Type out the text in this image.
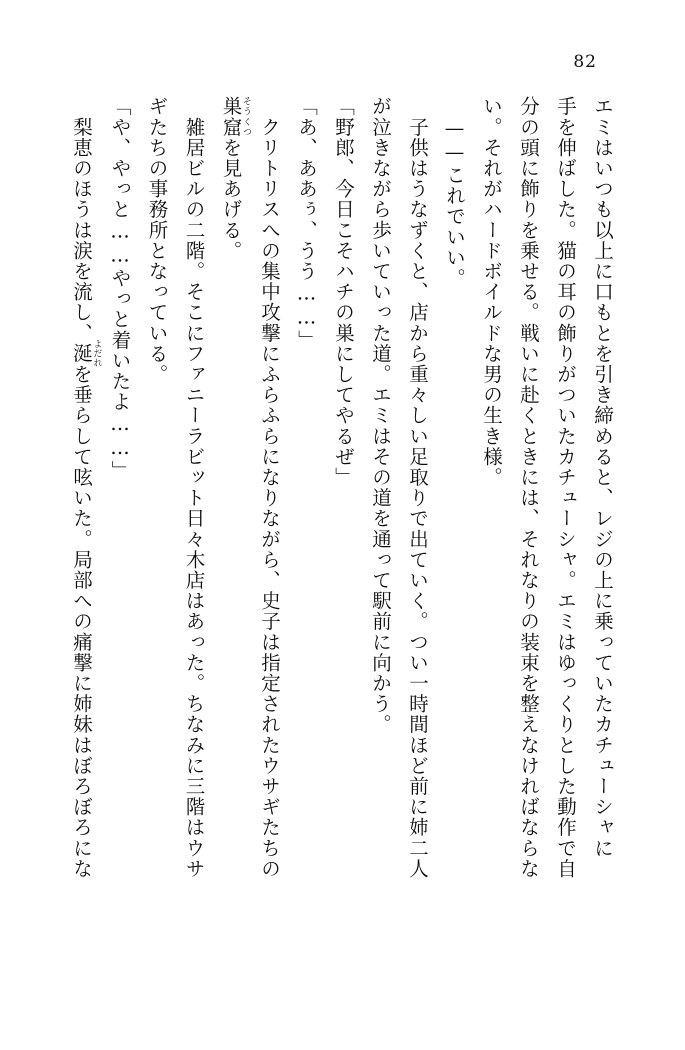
82

エミはいつも以上に口もとを引き締めると、レジの上に乗っていたカチューシャに

手を伸ばした。猫の耳の飾りがついたカチューシャ。エミはゆっくりとした動作で自

分の頭に飾りを乗せる。戦いに赴くときには、それなりの装束を整えなければならな

い。それがハードボイルドな男の生き様。

　——これでいい。

　子供はうなずくと、店から重々しい足取りで出ていく。つい一時間ほど前に姉二人

が泣きながら歩いていった道。エミはその道を通って駅前に向かう。

「野郎、今日こそハチの巣にしてやるぜ」

「あ、ああぅ、うう……」

　クリトリスへの集中攻撃にふらふらになりながら、史子は指定されたウサギたちの

巣窟そうくつを見あげる。

　雑居ビルの二階。そこにファニーラビット日々木店はあった。ちなみに三階はウサ

ギたちの事務所となっている。

「や、やっと……やっと着いたよ……」

　梨恵のほうは涙を流し、涎よだれを垂らして呟いた。局部への痛撃に姉妹はぼろぼろにな
